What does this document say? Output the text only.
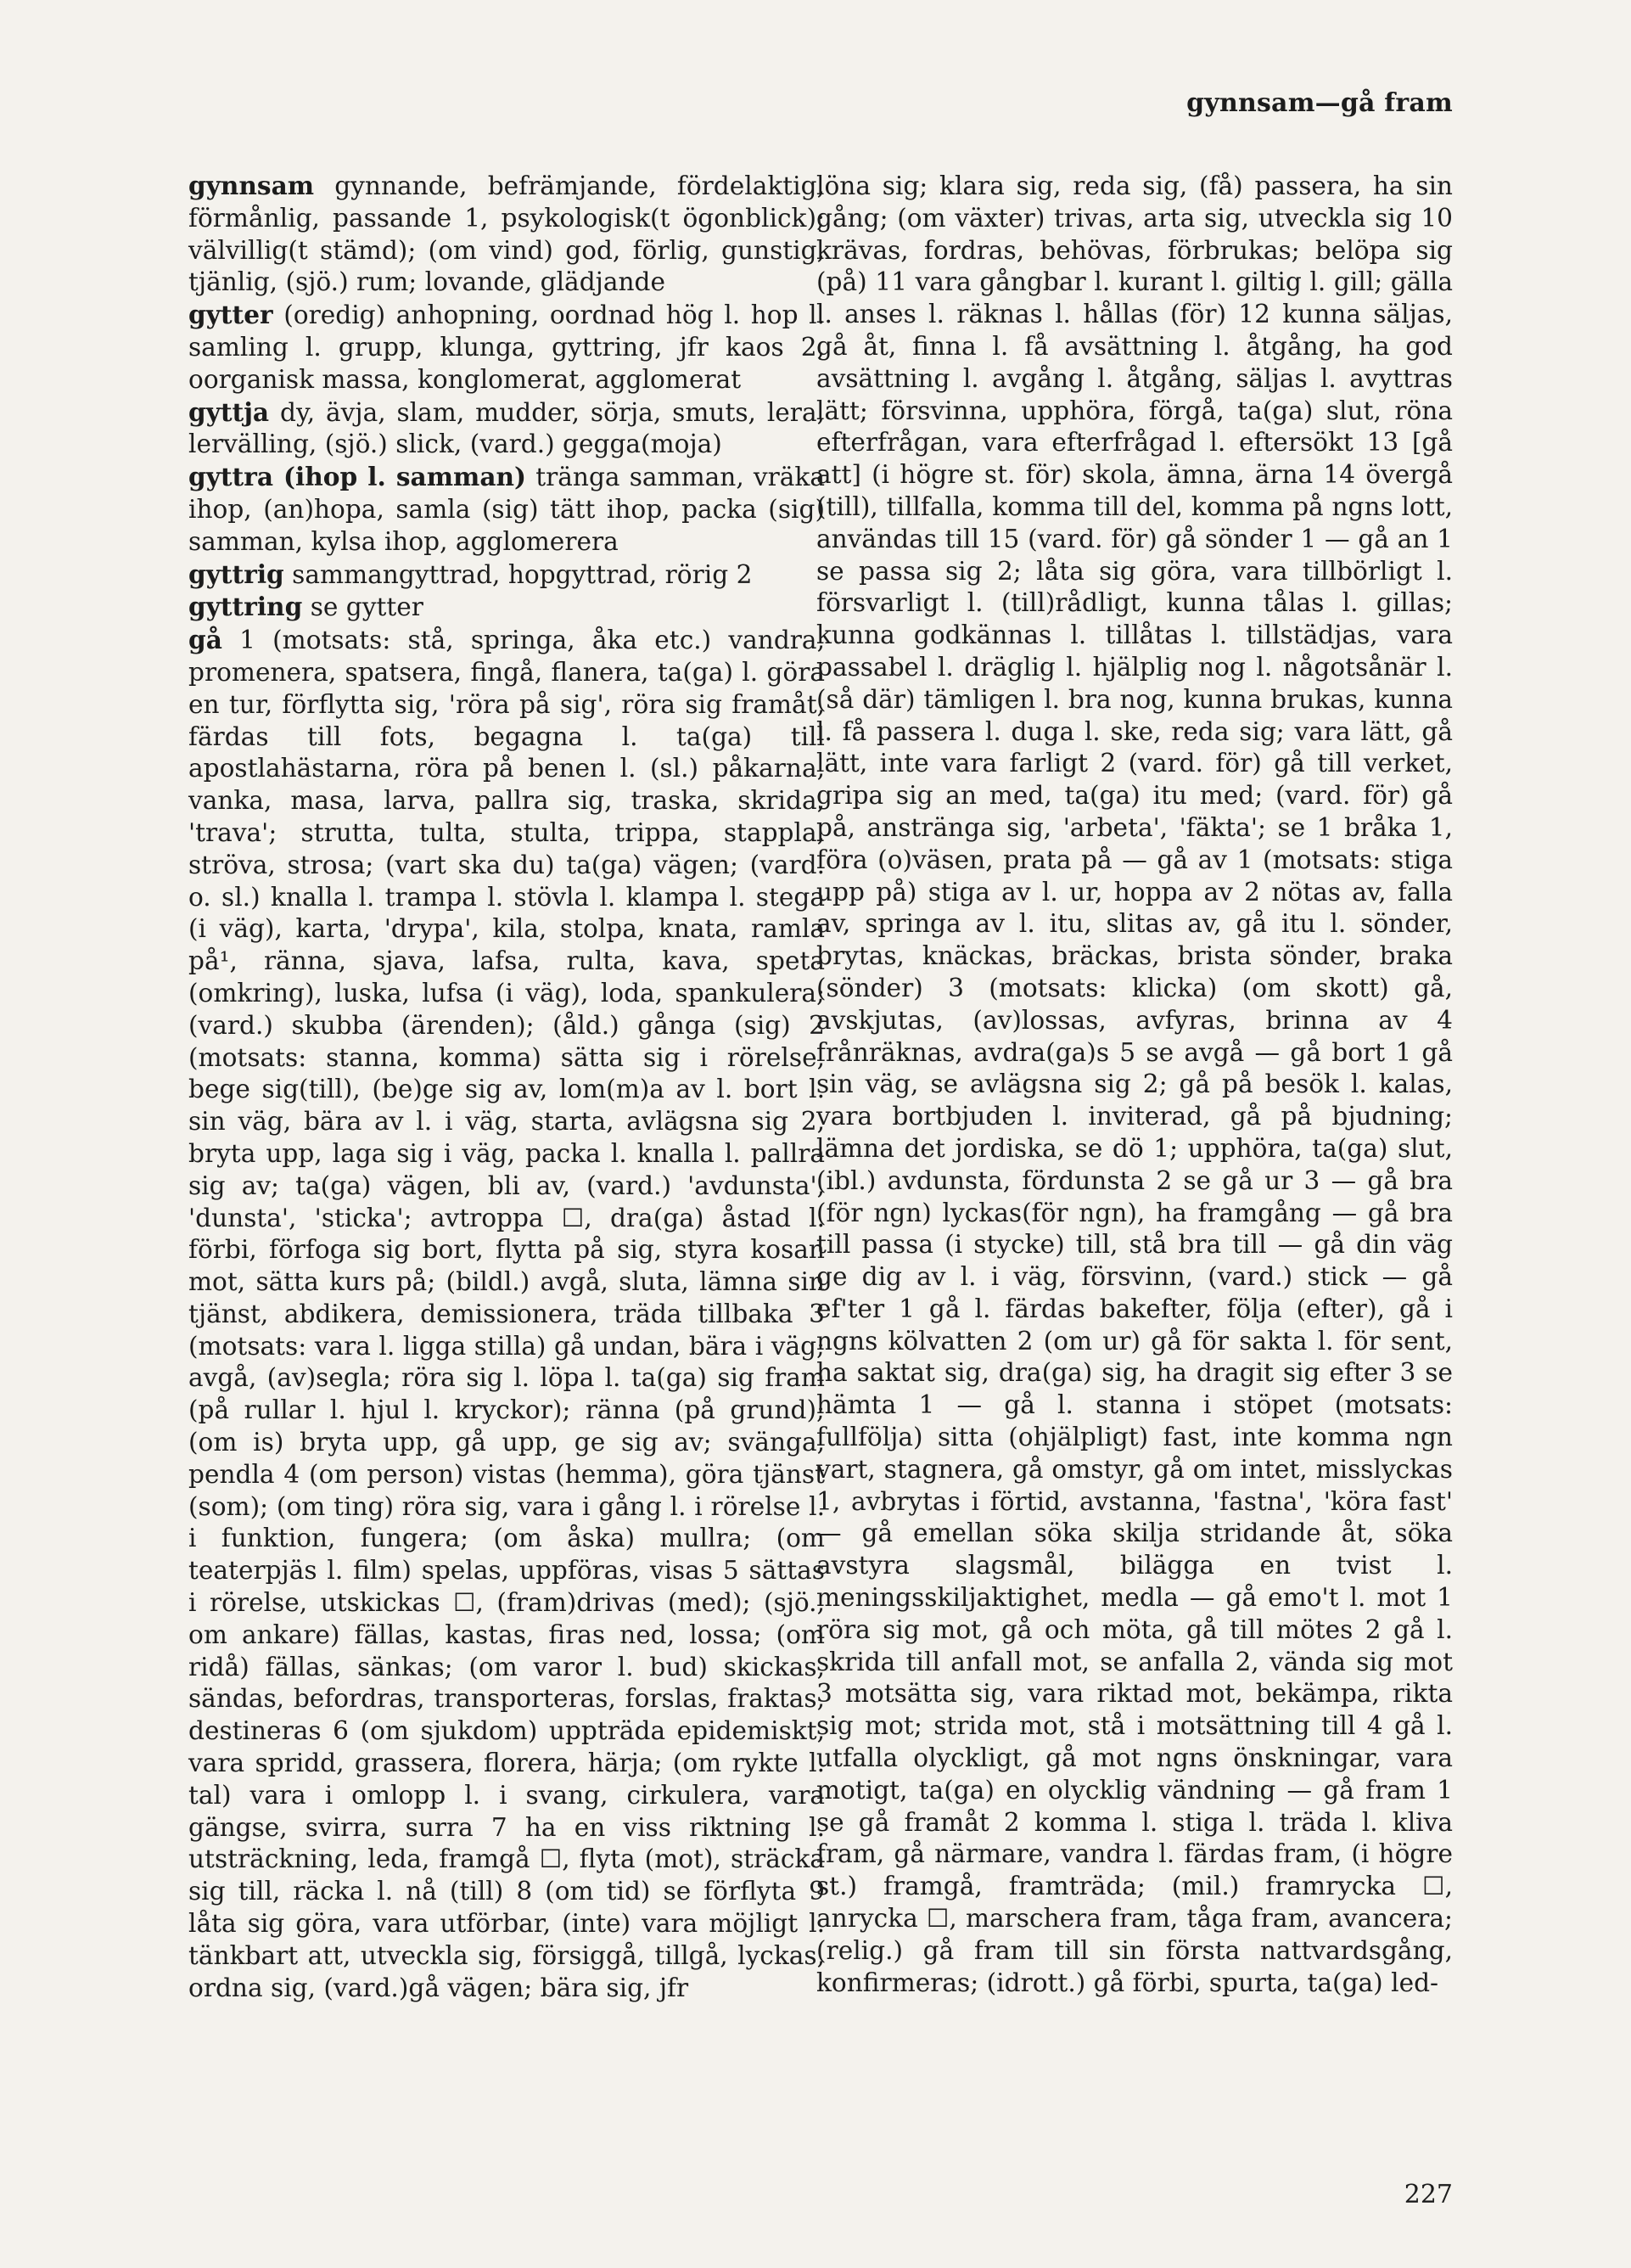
gynnsam—gå fram

gynnsam gynnande, befrämjande, fördelaktig, förmånlig, passande 1, psykologisk(t ögonblick); välvillig(t stämd); (om vind) god, förlig, gunstig, tjänlig, (sjö.) rum; lovande, glädjande

gytter (oredig) anhopning, oordnad hög l. hop l. samling l. grupp, klunga, gyttring, jfr kaos 2, oorganisk massa, konglomerat, agglomerat

gyttja dy, ävja, slam, mudder, sörja, smuts, lera, lervälling, (sjö.) slick, (vard.) gegga(moja)

gyttra (ihop l. samman) tränga samman, vräka ihop, (an)hopa, samla (sig) tätt ihop, packa (sig) samman, kylsa ihop, agglomerera

gyttrig sammangyttrad, hopgyttrad, rörig 2

gyttring se gytter

gå 1 (motsats: stå, springa, åka etc.) vandra, promenera, spatsera, fingå, flanera, ta(ga) l. göra en tur, förflytta sig, 'röra på sig', röra sig framåt, färdas till fots, begagna l. ta(ga) till apostlahästarna, röra på benen l. (sl.) påkarna, vanka, masa, larva, pallra sig, traska, skrida, 'trava'; strutta, tulta, stulta, trippa, stappla, ströva, strosa; (vart ska du) ta(ga) vägen; (vard. o. sl.) knalla l. trampa l. stövla l. klampa l. stega (i väg), karta, 'drypa', kila, stolpa, knata, ramla på¹, ränna, sjava, lafsa, rulta, kava, speta (omkring), luska, lufsa (i väg), loda, spankulera; (vard.) skubba (ärenden); (åld.) gånga (sig) 2 (motsats: stanna, komma) sätta sig i rörelse, bege sig(till), (be)ge sig av, lom(m)a av l. bort l. sin väg, bära av l. i väg, starta, avlägsna sig 2, bryta upp, laga sig i väg, packa l. knalla l. pallra sig av; ta(ga) vägen, bli av, (vard.) 'avdunsta', 'dunsta', 'sticka'; avtroppa ☐, dra(ga) åstad l. förbi, förfoga sig bort, flytta på sig, styra kosan mot, sätta kurs på; (bildl.) avgå, sluta, lämna sin tjänst, abdikera, demissionera, träda tillbaka 3 (motsats: vara l. ligga stilla) gå undan, bära i väg; avgå, (av)segla; röra sig l. löpa l. ta(ga) sig fram (på rullar l. hjul l. kryckor); ränna (på grund); (om is) bryta upp, gå upp, ge sig av; svänga, pendla 4 (om person) vistas (hemma), göra tjänst (som); (om ting) röra sig, vara i gång l. i rörelse l. i funktion, fungera; (om åska) mullra; (om teaterpjäs l. film) spelas, uppföras, visas 5 sättas i rörelse, utskickas ☐, (fram)drivas (med); (sjö., om ankare) fällas, kastas, firas ned, lossa; (om ridå) fällas, sänkas; (om varor l. bud) skickas, sändas, befordras, transporteras, forslas, fraktas, destineras 6 (om sjukdom) uppträda epidemiskt, vara spridd, grassera, florera, härja; (om rykte l. tal) vara i omlopp l. i svang, cirkulera, vara gängse, svirra, surra 7 ha en viss riktning l. utsträckning, leda, framgå ☐, flyta (mot), sträcka sig till, räcka l. nå (till) 8 (om tid) se förflyta 9 låta sig göra, vara utförbar, (inte) vara möjligt l. tänkbart att, utveckla sig, försiggå, tillgå, lyckas, ordna sig, (vard.)gå vägen; bära sig, jfr

löna sig; klara sig, reda sig, (få) passera, ha sin gång; (om växter) trivas, arta sig, utveckla sig 10 krävas, fordras, behövas, förbrukas; belöpa sig (på) 11 vara gångbar l. kurant l. giltig l. gill; gälla l. anses l. räknas l. hållas (för) 12 kunna säljas, gå åt, finna l. få avsättning l. åtgång, ha god avsättning l. avgång l. åtgång, säljas l. avyttras lätt; försvinna, upphöra, förgå, ta(ga) slut, röna efterfrågan, vara efterfrågad l. eftersökt 13 [gå att] (i högre st. för) skola, ämna, ärna 14 övergå (till), tillfalla, komma till del, komma på ngns lott, användas till 15 (vard. för) gå sönder 1 — gå an 1 se passa sig 2; låta sig göra, vara tillbörligt l. försvarligt l. (till)rådligt, kunna tålas l. gillas; kunna godkännas l. tillåtas l. tillstädjas, vara passabel l. dräglig l. hjälplig nog l. någotsånär l. (så där) tämligen l. bra nog, kunna brukas, kunna l. få passera l. duga l. ske, reda sig; vara lätt, gå lätt, inte vara farligt 2 (vard. för) gå till verket, gripa sig an med, ta(ga) itu med; (vard. för) gå på, anstränga sig, 'arbeta', 'fäkta'; se 1 bråka 1, föra (o)väsen, prata på — gå av 1 (motsats: stiga upp på) stiga av l. ur, hoppa av 2 nötas av, falla av, springa av l. itu, slitas av, gå itu l. sönder, brytas, knäckas, bräckas, brista sönder, braka (sönder) 3 (motsats: klicka) (om skott) gå, avskjutas, (av)lossas, avfyras, brinna av 4 frånräknas, avdra(ga)s 5 se avgå — gå bort 1 gå sin väg, se avlägsna sig 2; gå på besök l. kalas, vara bortbjuden l. inviterad, gå på bjudning; lämna det jordiska, se dö 1; upphöra, ta(ga) slut, (ibl.) avdunsta, fördunsta 2 se gå ur 3 — gå bra (för ngn) lyckas(för ngn), ha framgång — gå bra till passa (i stycke) till, stå bra till — gå din väg ge dig av l. i väg, försvinn, (vard.) stick — gå ef'ter 1 gå l. färdas bakefter, följa (efter), gå i ngns kölvatten 2 (om ur) gå för sakta l. för sent, ha saktat sig, dra(ga) sig, ha dragit sig efter 3 se hämta 1 — gå l. stanna i stöpet (motsats: fullfölja) sitta (ohjälpligt) fast, inte komma ngn vart, stagnera, gå omstyr, gå om intet, misslyckas 1, avbrytas i förtid, avstanna, 'fastna', 'köra fast' — gå emellan söka skilja stridande åt, söka avstyra slagsmål, bilägga en tvist l. meningsskiljaktighet, medla — gå emo't l. mot 1 röra sig mot, gå och möta, gå till mötes 2 gå l. skrida till anfall mot, se anfalla 2, vända sig mot 3 motsätta sig, vara riktad mot, bekämpa, rikta sig mot; strida mot, stå i motsättning till 4 gå l. utfalla olyckligt, gå mot ngns önskningar, vara motigt, ta(ga) en olycklig vändning — gå fram 1 se gå framåt 2 komma l. stiga l. träda l. kliva fram, gå närmare, vandra l. färdas fram, (i högre st.) framgå, framträda; (mil.) framrycka ☐, anrycka ☐, marschera fram, tåga fram, avancera; (relig.) gå fram till sin första nattvardsgång, konfirmeras; (idrott.) gå förbi, spurta, ta(ga) led-

227
